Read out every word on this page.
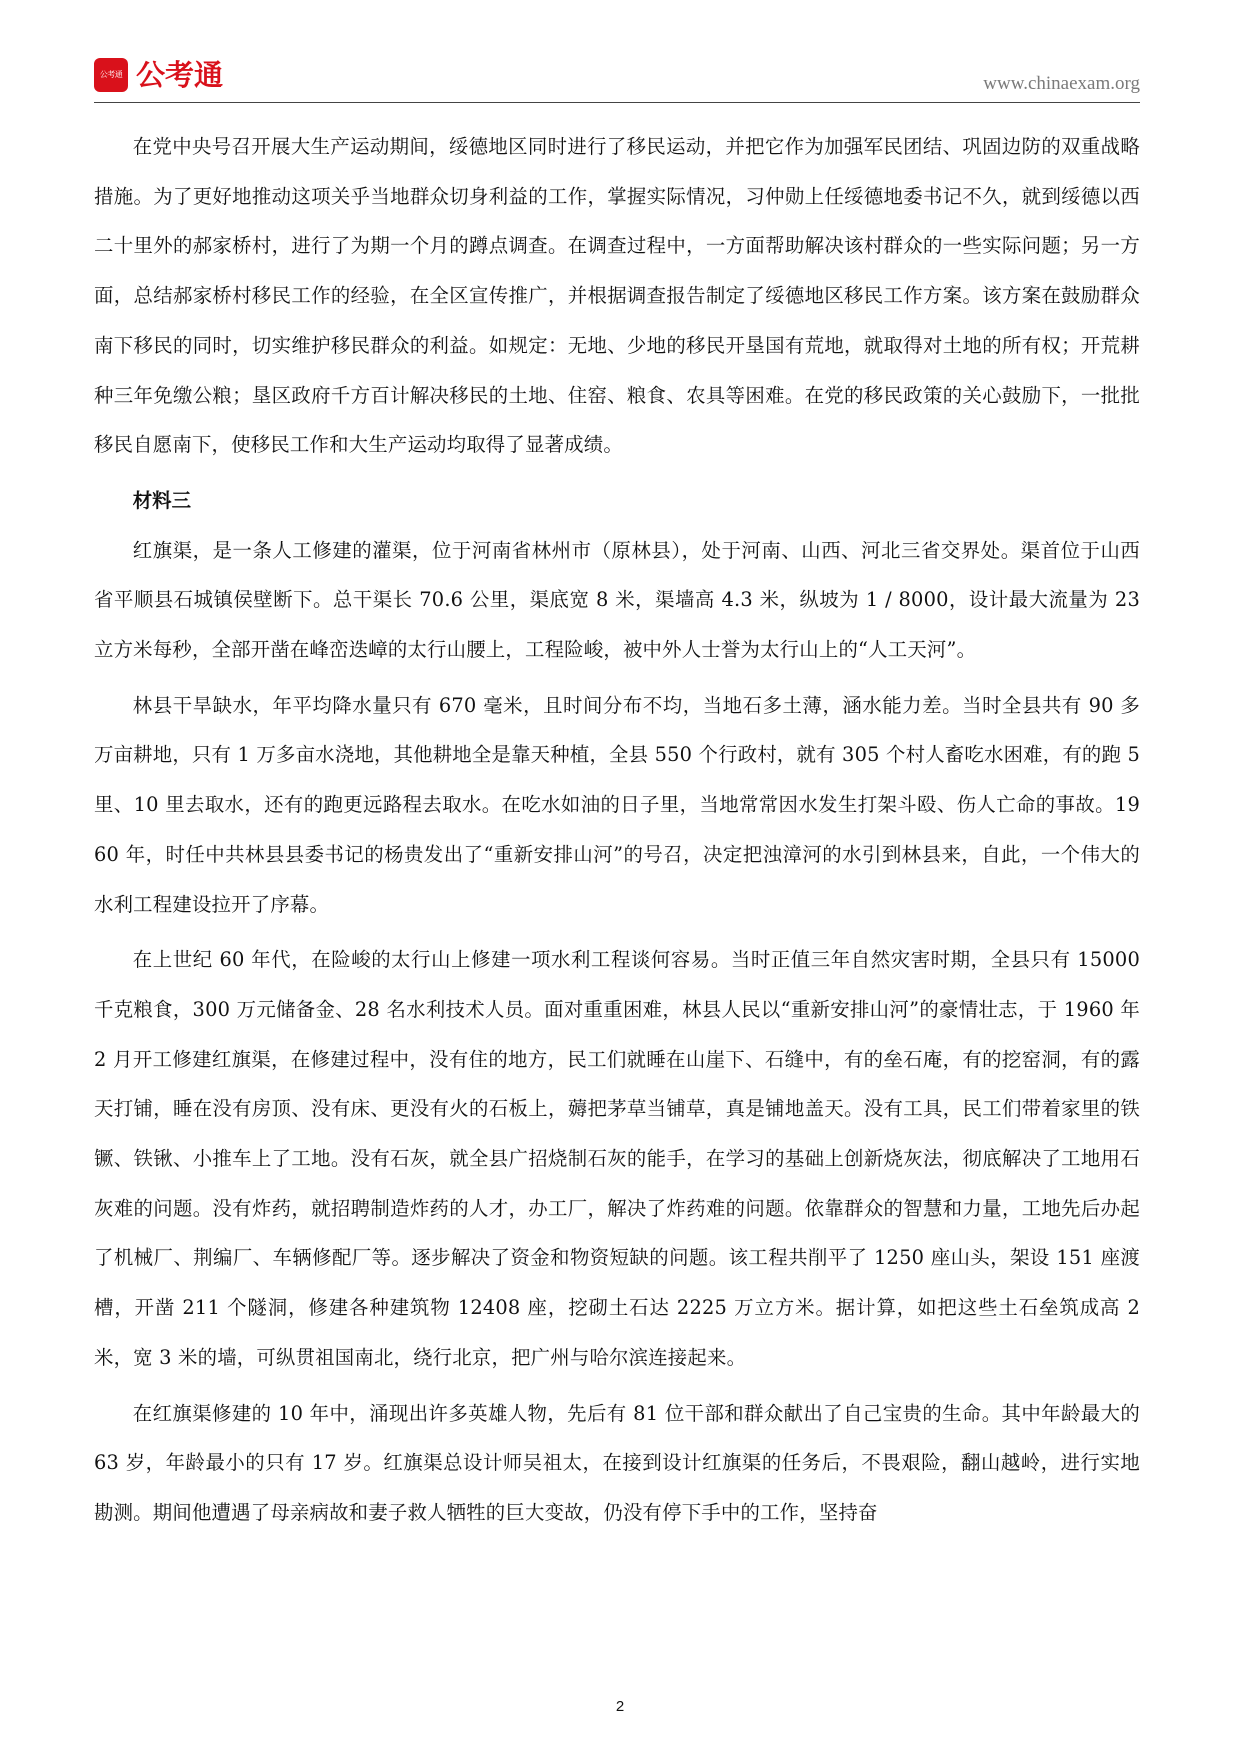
公考通 公考通	www.chinaexam.org

在党中央号召开展大生产运动期间，绥德地区同时进行了移民运动，并把它作为加强军民团结、巩固边防的双重战略措施。为了更好地推动这项关乎当地群众切身利益的工作，掌握实际情况，习仲勋上任绥德地委书记不久，就到绥德以西二十里外的郝家桥村，进行了为期一个月的蹲点调查。在调查过程中，一方面帮助解决该村群众的一些实际问题；另一方面，总结郝家桥村移民工作的经验，在全区宣传推广，并根据调查报告制定了绥德地区移民工作方案。该方案在鼓励群众南下移民的同时，切实维护移民群众的利益。如规定：无地、少地的移民开垦国有荒地，就取得对土地的所有权；开荒耕种三年免缴公粮；垦区政府千方百计解决移民的土地、住窑、粮食、农具等困难。在党的移民政策的关心鼓励下，一批批移民自愿南下，使移民工作和大生产运动均取得了显著成绩。

材料三

红旗渠，是一条人工修建的灌渠，位于河南省林州市（原林县），处于河南、山西、河北三省交界处。渠首位于山西省平顺县石城镇侯壁断下。总干渠长 70.6 公里，渠底宽 8 米，渠墙高 4.3 米，纵坡为 1 / 8000，设计最大流量为 23 立方米每秒，全部开凿在峰峦迭嶂的太行山腰上，工程险峻，被中外人士誉为太行山上的“人工天河”。

林县干旱缺水，年平均降水量只有 670 毫米，且时间分布不均，当地石多土薄，涵水能力差。当时全县共有 90 多万亩耕地，只有 1 万多亩水浇地，其他耕地全是靠天种植，全县 550 个行政村，就有 305 个村人畜吃水困难，有的跑 5 里、10 里去取水，还有的跑更远路程去取水。在吃水如油的日子里，当地常常因水发生打架斗殴、伤人亡命的事故。1960 年，时任中共林县县委书记的杨贵发出了“重新安排山河”的号召，决定把浊漳河的水引到林县来，自此，一个伟大的水利工程建设拉开了序幕。

在上世纪 60 年代，在险峻的太行山上修建一项水利工程谈何容易。当时正值三年自然灾害时期，全县只有 15000 千克粮食，300 万元储备金、28 名水利技术人员。面对重重困难，林县人民以“重新安排山河”的豪情壮志，于 1960 年 2 月开工修建红旗渠，在修建过程中，没有住的地方，民工们就睡在山崖下、石缝中，有的垒石庵，有的挖窑洞，有的露天打铺，睡在没有房顶、没有床、更没有火的石板上，薅把茅草当铺草，真是铺地盖天。没有工具，民工们带着家里的铁镢、铁锹、小推车上了工地。没有石灰，就全县广招烧制石灰的能手，在学习的基础上创新烧灰法，彻底解决了工地用石灰难的问题。没有炸药，就招聘制造炸药的人才，办工厂，解决了炸药难的问题。依靠群众的智慧和力量，工地先后办起了机械厂、荆编厂、车辆修配厂等。逐步解决了资金和物资短缺的问题。该工程共削平了 1250 座山头，架设 151 座渡槽，开凿 211 个隧洞，修建各种建筑物 12408 座，挖砌土石达 2225 万立方米。据计算，如把这些土石垒筑成高 2 米，宽 3 米的墙，可纵贯祖国南北，绕行北京，把广州与哈尔滨连接起来。

在红旗渠修建的 10 年中，涌现出许多英雄人物，先后有 81 位干部和群众献出了自己宝贵的生命。其中年龄最大的 63 岁，年龄最小的只有 17 岁。红旗渠总设计师吴祖太，在接到设计红旗渠的任务后，不畏艰险，翻山越岭，进行实地勘测。期间他遭遇了母亲病故和妻子救人牺牲的巨大变故，仍没有停下手中的工作，坚持奋

2
